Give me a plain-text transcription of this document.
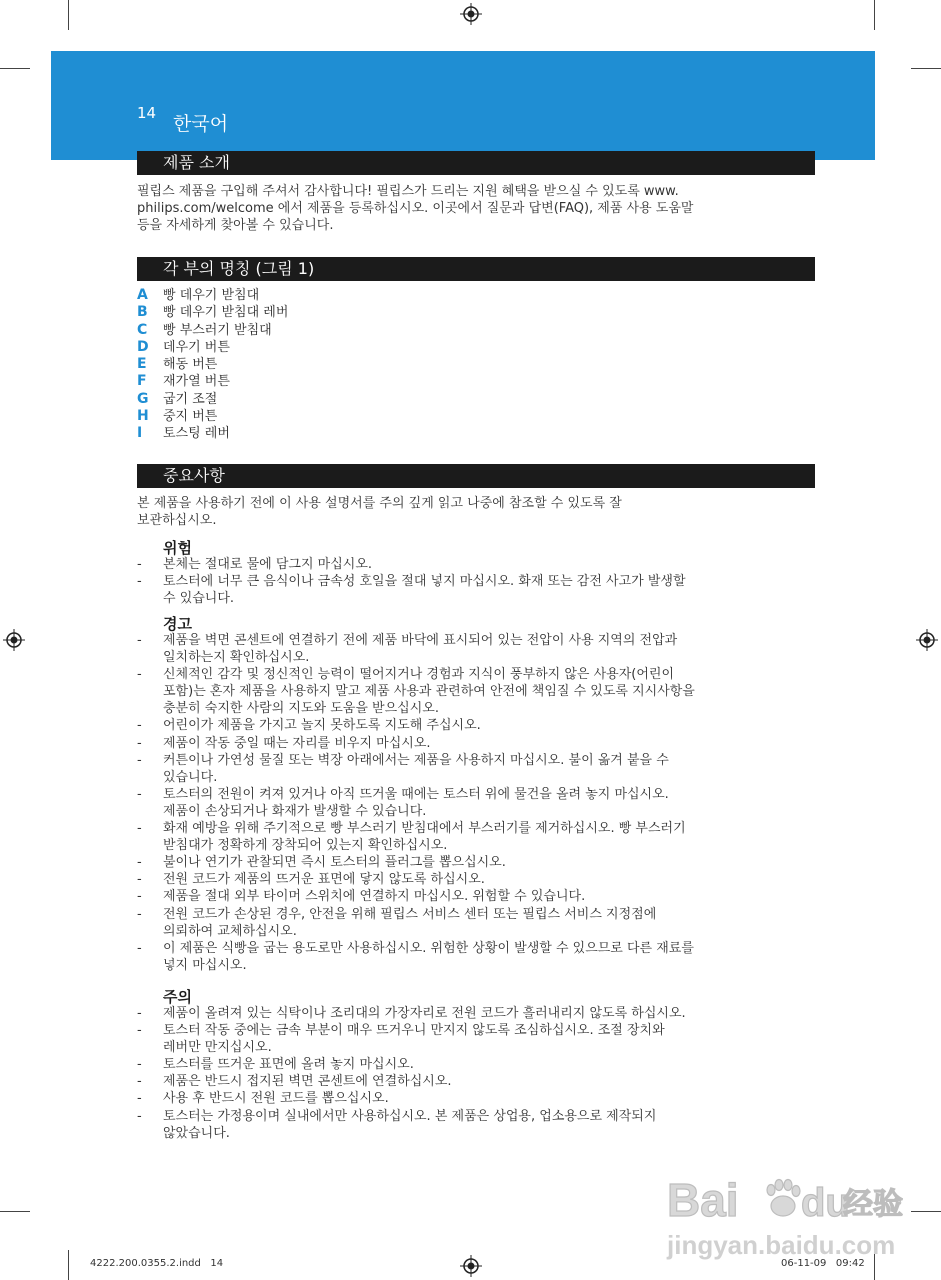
14 한국어
제품 소개
필립스 제품을 구입해 주셔서 감사합니다! 필립스가 드리는 지원 혜택을 받으실 수 있도록 www.
philips.com/welcome 에서 제품을 등록하십시오. 이곳에서 질문과 답변(FAQ), 제품 사용 도움말
등을 자세하게 찾아볼 수 있습니다.
각 부의 명칭 (그림 1)
A 빵 데우기 받침대
B 빵 데우기 받침대 레버
C 빵 부스러기 받침대
D 데우기 버튼
E 해동 버튼
F 재가열 버튼
G 굽기 조절
H 중지 버튼
I 토스팅 레버
중요사항
본 제품을 사용하기 전에 이 사용 설명서를 주의 깊게 읽고 나중에 참조할 수 있도록 잘
보관하십시오.
위험
- 본체는 절대로 물에 담그지 마십시오.
- 토스터에 너무 큰 음식이나 금속성 호일을 절대 넣지 마십시오. 화재 또는 감전 사고가 발생할
수 있습니다.
경고
- 제품을 벽면 콘센트에 연결하기 전에 제품 바닥에 표시되어 있는 전압이 사용 지역의 전압과
일치하는지 확인하십시오.
- 신체적인 감각 및 정신적인 능력이 떨어지거나 경험과 지식이 풍부하지 않은 사용자(어린이
포함)는 혼자 제품을 사용하지 말고 제품 사용과 관련하여 안전에 책임질 수 있도록 지시사항을
충분히 숙지한 사람의 지도와 도움을 받으십시오.
- 어린이가 제품을 가지고 놀지 못하도록 지도해 주십시오.
- 제품이 작동 중일 때는 자리를 비우지 마십시오.
- 커튼이나 가연성 물질 또는 벽장 아래에서는 제품을 사용하지 마십시오. 불이 옮겨 붙을 수
있습니다.
- 토스터의 전원이 켜져 있거나 아직 뜨거울 때에는 토스터 위에 물건을 올려 놓지 마십시오.
제품이 손상되거나 화재가 발생할 수 있습니다.
- 화재 예방을 위해 주기적으로 빵 부스러기 받침대에서 부스러기를 제거하십시오. 빵 부스러기
받침대가 정확하게 장착되어 있는지 확인하십시오.
- 불이나 연기가 관찰되면 즉시 토스터의 플러그를 뽑으십시오.
- 전원 코드가 제품의 뜨거운 표면에 닿지 않도록 하십시오.
- 제품을 절대 외부 타이머 스위치에 연결하지 마십시오. 위험할 수 있습니다.
- 전원 코드가 손상된 경우, 안전을 위해 필립스 서비스 센터 또는 필립스 서비스 지정점에
의뢰하여 교체하십시오.
- 이 제품은 식빵을 굽는 용도로만 사용하십시오. 위험한 상황이 발생할 수 있으므로 다른 재료를
넣지 마십시오.
주의
- 제품이 올려져 있는 식탁이나 조리대의 가장자리로 전원 코드가 흘러내리지 않도록 하십시오.
- 토스터 작동 중에는 금속 부분이 매우 뜨거우니 만지지 않도록 조심하십시오. 조절 장치와
레버만 만지십시오.
- 토스터를 뜨거운 표면에 올려 놓지 마십시오.
- 제품은 반드시 접지된 벽면 콘센트에 연결하십시오.
- 사용 후 반드시 전원 코드를 뽑으십시오.
- 토스터는 가정용이며 실내에서만 사용하십시오. 본 제품은 상업용, 업소용으로 제작되지
않았습니다.
4222.200.0355.2.indd   14	06-11-09   09:42
Bai du
经验
jingyan.baidu.com
